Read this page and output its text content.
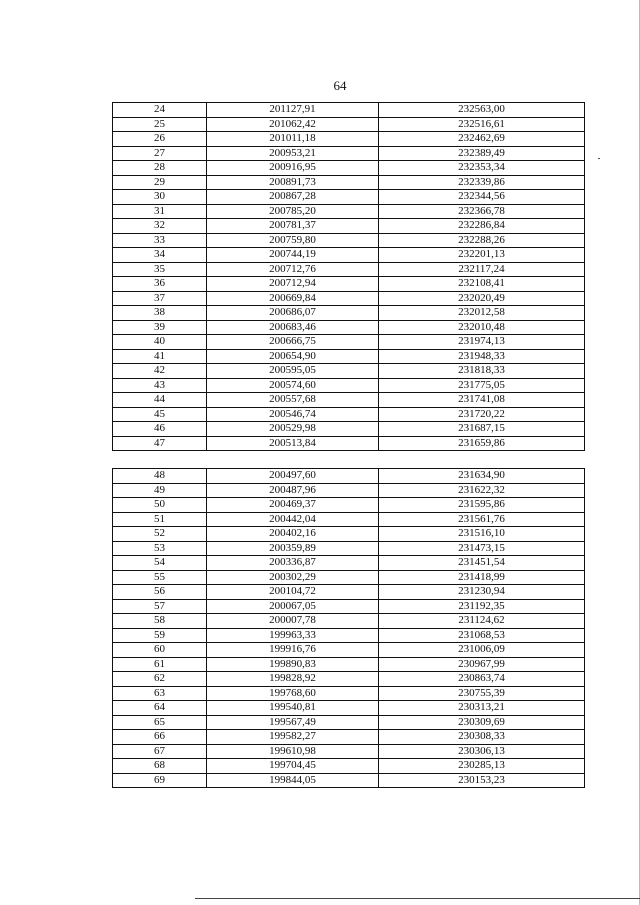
64
24	201127,91	232563,00
25	201062,42	232516,61
26	201011,18	232462,69
27	200953,21	232389,49
28	200916,95	232353,34
29	200891,73	232339,86
30	200867,28	232344,56
31	200785,20	232366,78
32	200781,37	232286,84
33	200759,80	232288,26
34	200744,19	232201,13
35	200712,76	232117,24
36	200712,94	232108,41
37	200669,84	232020,49
38	200686,07	232012,58
39	200683,46	232010,48
40	200666,75	231974,13
41	200654,90	231948,33
42	200595,05	231818,33
43	200574,60	231775,05
44	200557,68	231741,08
45	200546,74	231720,22
46	200529,98	231687,15
47	200513,84	231659,86
48	200497,60	231634,90
49	200487,96	231622,32
50	200469,37	231595,86
51	200442,04	231561,76
52	200402,16	231516,10
53	200359,89	231473,15
54	200336,87	231451,54
55	200302,29	231418,99
56	200104,72	231230,94
57	200067,05	231192,35
58	200007,78	231124,62
59	199963,33	231068,53
60	199916,76	231006,09
61	199890,83	230967,99
62	199828,92	230863,74
63	199768,60	230755,39
64	199540,81	230313,21
65	199567,49	230309,69
66	199582,27	230308,33
67	199610,98	230306,13
68	199704,45	230285,13
69	199844,05	230153,23
